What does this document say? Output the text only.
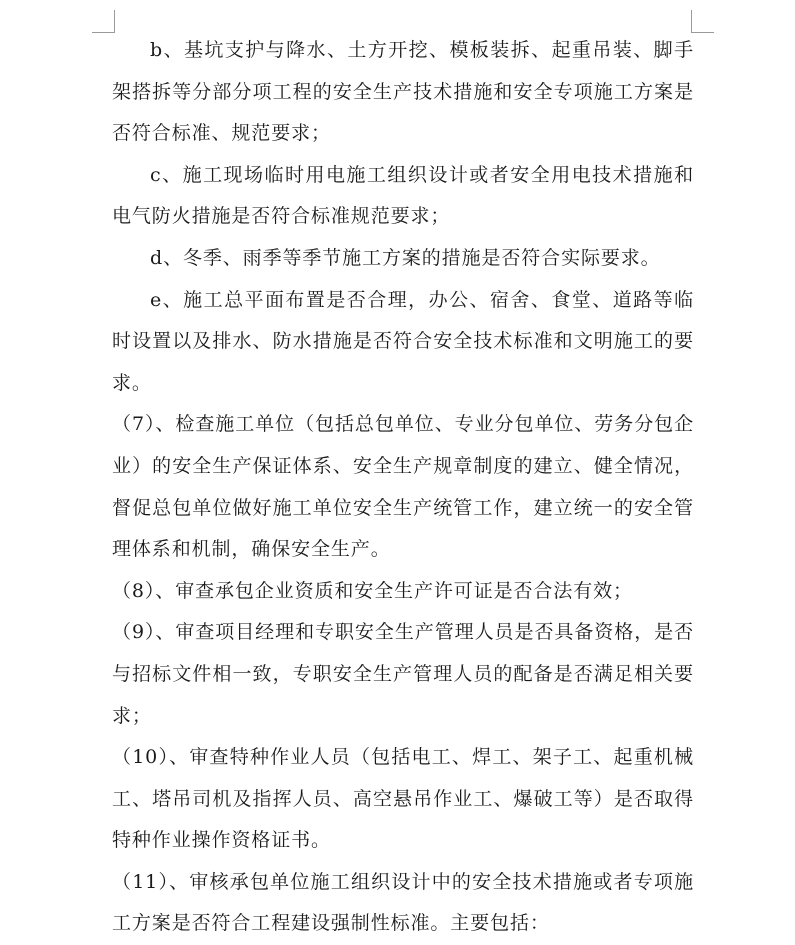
b、基坑支护与降水、土方开挖、模板装拆、起重吊装、脚手架搭拆等分部分项工程的安全生产技术措施和安全专项施工方案是否符合标准、规范要求；

c、施工现场临时用电施工组织设计或者安全用电技术措施和电气防火措施是否符合标准规范要求；

d、冬季、雨季等季节施工方案的措施是否符合实际要求。

e、施工总平面布置是否合理，办公、宿舍、食堂、道路等临时设置以及排水、防水措施是否符合安全技术标准和文明施工的要求。

（7）、检查施工单位（包括总包单位、专业分包单位、劳务分包企业）的安全生产保证体系、安全生产规章制度的建立、健全情况，督促总包单位做好施工单位安全生产统管工作，建立统一的安全管理体系和机制，确保安全生产。

（8）、审查承包企业资质和安全生产许可证是否合法有效；

（9）、审查项目经理和专职安全生产管理人员是否具备资格，是否与招标文件相一致，专职安全生产管理人员的配备是否满足相关要求；

（10）、审查特种作业人员（包括电工、焊工、架子工、起重机械工、塔吊司机及指挥人员、高空悬吊作业工、爆破工等）是否取得特种作业操作资格证书。

（11）、审核承包单位施工组织设计中的安全技术措施或者专项施工方案是否符合工程建设强制性标准。主要包括：
